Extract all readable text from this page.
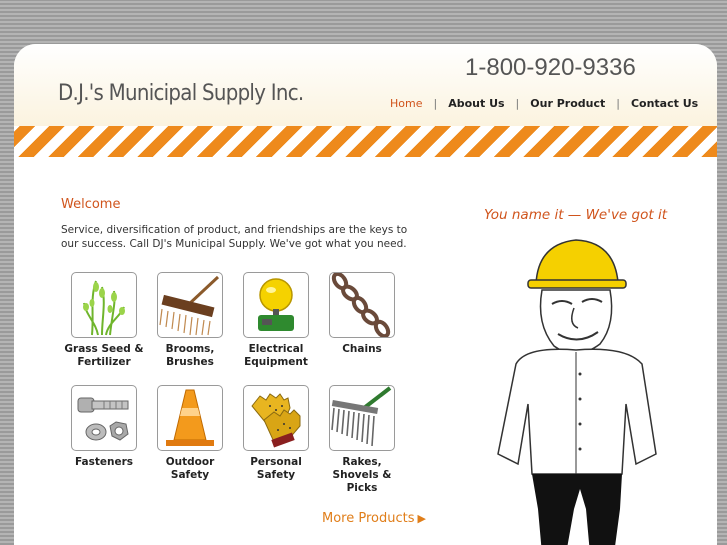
D.J.'s Municipal Supply Inc.
1-800-920-9336
Home | About Us | Our Product | Contact Us
Welcome
Service, diversification of product, and friendships are the keys to our success. Call DJ's Municipal Supply. We've got what you need.
Grass Seed & Fertilizer
Brooms, Brushes
Electrical Equipment
Chains
Fasteners	Outdoor Safety
Personal Safety
Rakes, Shovels & Picks
More Products ▶
You name it — We've got it
